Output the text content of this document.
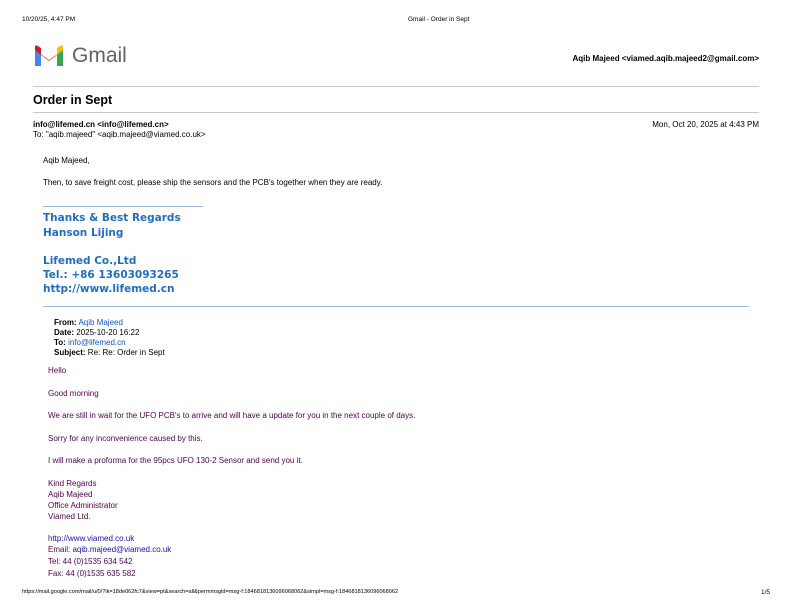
10/20/25, 4:47 PM	Gmail - Order in Sept
Gmail	Aqib Majeed <viamed.aqib.majeed2@gmail.com>
Order in Sept
info@lifemed.cn <info@lifemed.cn>
To: "aqib.majeed" <aqib.majeed@viamed.co.uk>
Mon, Oct 20, 2025 at 4:43 PM
Aqib Majeed,
Then, to save freight cost, please ship the sensors and the PCB's together when they are ready.
Thanks & Best Regards
Hanson Lijing
Lifemed Co.,Ltd
Tel.: +86 13603093265
http://www.lifemed.cn
From: Aqib Majeed
Date: 2025-10-20 16:22
To: info@lifemed.cn
Subject: Re: Re: Order in Sept
Hello
Good morning
We are still in wait for the UFO PCB's to arrive and will have a update for you in the next couple of days.
Sorry for any inconvenience caused by this.
I will make a proforma for the 95pcs UFO 130-2 Sensor and send you it.
Kind Regards
Aqib Majeed
Office Administrator
Viamed Ltd.
http://www.viamed.co.uk
Email: aqib.majeed@viamed.co.uk
Tel: 44 (0)1535 634 542
Fax: 44 (0)1535 635 582
https://mail.google.com/mail/u/0/?ik=18de062fc7&view=pt&search=all&permmsgid=msg-f:1846818136096068062&simpl=msg-f:1846818136096068062	1/5
